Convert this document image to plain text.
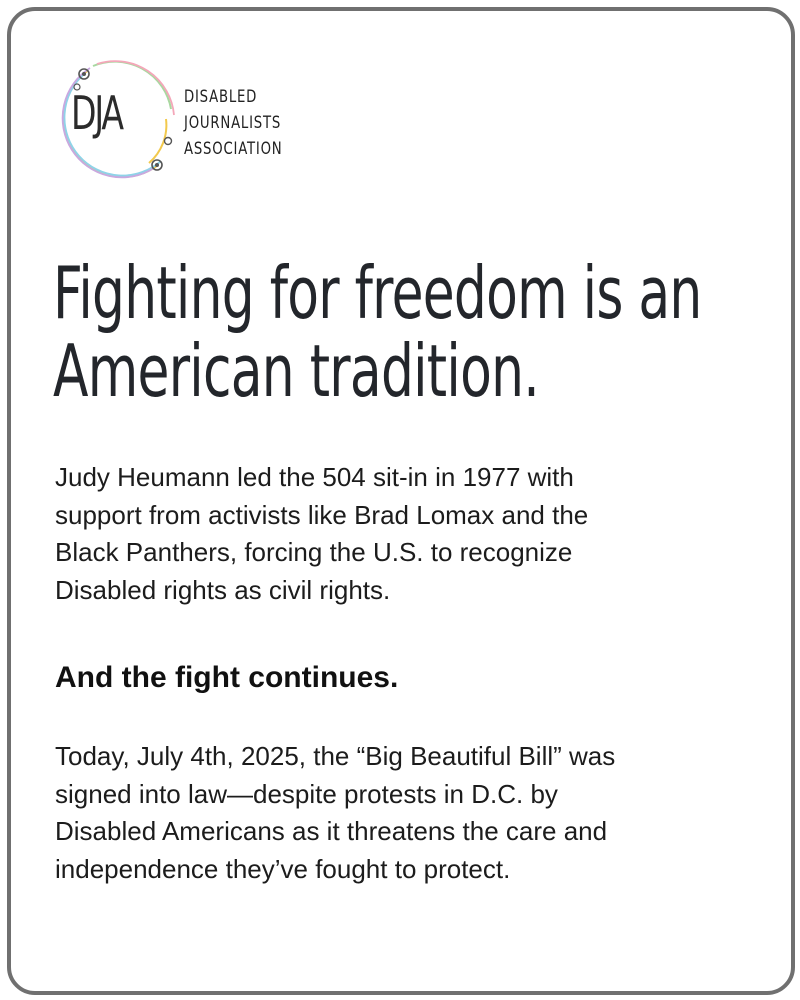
DJA	DISABLED
JOURNALISTS
ASSOCIATION
Fighting for freedom is an
American tradition.

Judy Heumann led the 504 sit-in in 1977 with
support from activists like Brad Lomax and the
Black Panthers, forcing the U.S. to recognize
Disabled rights as civil rights.

And the fight continues.

Today, July 4th, 2025, the “Big Beautiful Bill” was
signed into law—despite protests in D.C. by
Disabled Americans as it threatens the care and
independence they’ve fought to protect.
